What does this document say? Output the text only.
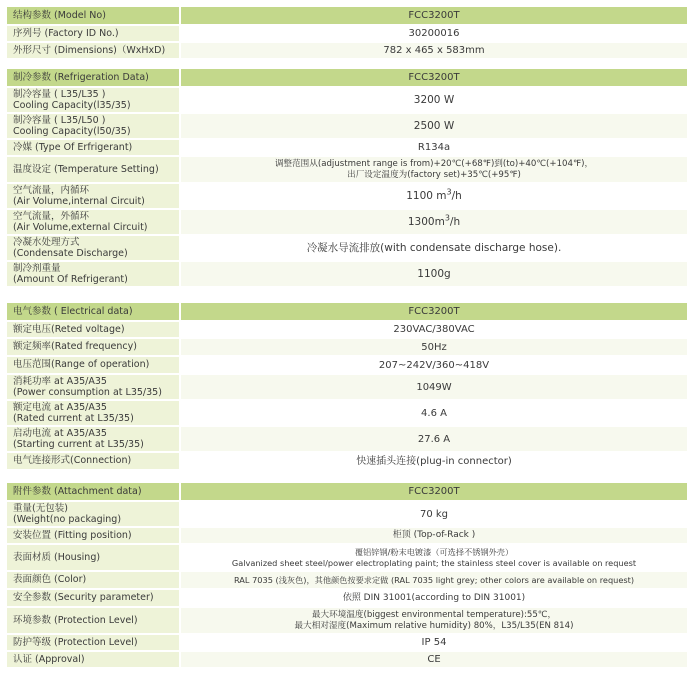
结构参数 (Model No)	FCC3200T
序列号 (Factory ID No.)	30200016
外形尺寸 (Dimensions)（WxHxD)	782 x 465 x 583mm
制冷参数 (Refrigeration Data)	FCC3200T
制冷容量 ( L35/L35 )
Cooling Capacity(l35/35)	3200 W
制冷容量 ( L35/L50 )
Cooling Capacity(l50/35)	2500 W
冷媒 (Type Of Erfrigerant)	R134a
温度设定 (Temperature Setting)
调整范围从(adjustment range is from)+20℃(+68℉)到(to)+40℃(+104℉)，
出厂设定温度为(factory set)+35℃(+95℉)
空气流量，内循环
(Air Volume,internal Circuit)	1100 $m^3/h$
空气流量，外循环
(Air Volume,external Circuit)	$1300m^3/h$
冷凝水处理方式
(Condensate Discharge)	冷凝水导流排放(with condensate discharge hose).
制冷剂重量
(Amount Of Refrigerant)	1100g
电气参数 ( Electrical data)	FCC3200T
额定电压(Reted voltage)	230VAC/380VAC
额定频率(Rated frequency)	50Hz
电压范围(Range of operation)	207~242V/360~418V
消耗功率 at A35/A35
(Power consumption at L35/35)	1049W
额定电流 at A35/A35
(Rated current at L35/35)	4.6 A
启动电流 at A35/A35
(Starting current at L35/35)	27.6 A
电气连接形式(Connection)	快速插头连接(plug-in connector)
附件参数 (Attachment data)	FCC3200T
重量(无包装)
(Weight(no packaging)	70 kg
安装位置 (Fitting position)	柜顶 (Top-of-Rack )
表面材质 (Housing)
覆铝锌钢/粉末电镀漆（可选择不锈钢外壳）
Galvanized sheet steel/power electroplating paint; the stainless steel cover is available on request
表面颜色 (Color)	RAL 7035 (浅灰色)，其他颜色按要求定做 (RAL 7035 light grey; other colors are available on request)
安全参数 (Security parameter)	依照 DIN 31001(according to DIN 31001)
环境参数 (Protection Level)
最大环境温度(biggest environmental temperature):55℃，
最大相对湿度(Maximum relative humidity) 80%，L35/L35(EN 814)
防护等级 (Protection Level)	IP 54
认证 (Approval)	CE
